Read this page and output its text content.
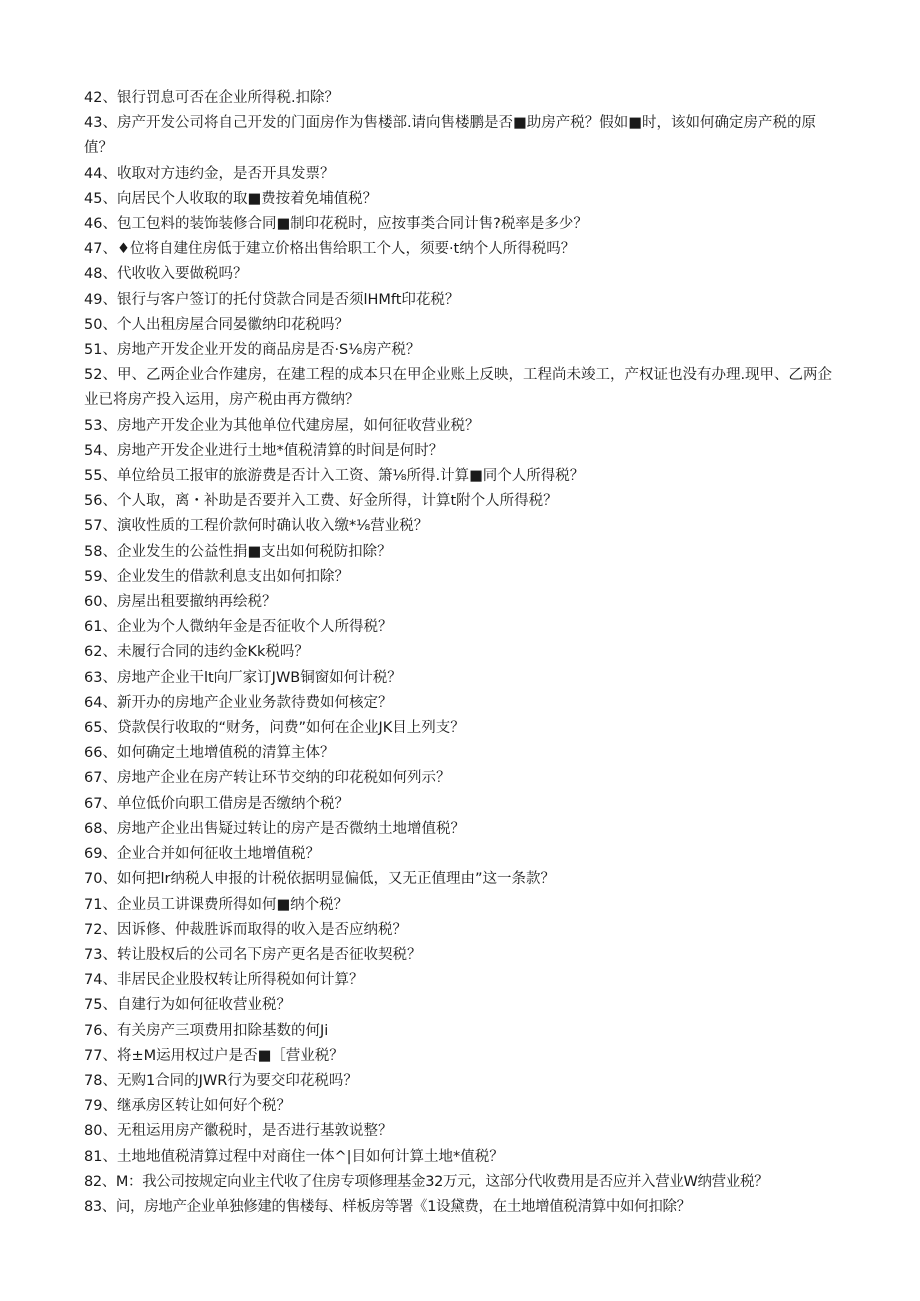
42、银行罚息可否在企业所得税.扣除？
43、房产开发公司将自己开发的门面房作为售楼部.请向售楼鹏是否■助房产税？假如■时，该如何确定房产税的原值？
44、收取对方违约金，是否开具发票？
45、向居民个人收取的取■费按着免埔值税？
46、包工包料的装饰装修合同■制印花税时，应按事类合同计售?税率是多少？
47、♦位将自建住房低于建立价格出售给职工个人，须要·t纳个人所得税吗？
48、代收收入要做税吗？
49、银行与客户签订的托付贷款合同是否须lHMft印花税？
50、个人出租房屋合同晏徽纳印花税吗？
51、房地产开发企业开发的商品房是否·S⅛房产税？
52、甲、乙两企业合作建房，在建工程的成本只在甲企业账上反映，工程尚未竣工，产权证也没有办理.现甲、乙两企业已将房产投入运用，房产税由再方微纳？
53、房地产开发企业为其他单位代建房屋，如何征收营业税？
54、房地产开发企业进行土地*值税清算的时间是何时？
55、单位给员工报审的旅游费是否计入工资、箫⅛所得.计算■同个人所得税？
56、个人取，离・补助是否要并入工费、好金所得，计算t附个人所得税？
57、演收性质的工程价款何时确认收入缴*⅛营业税？
58、企业发生的公益性捐■支出如何税防扣除？
59、企业发生的借款利息支出如何扣除？
60、房屋出租要撤纳再绘税？
61、企业为个人微纳年金是否征收个人所得税？
62、未履行合同的违约金Kk税吗？
63、房地产企业干lt向厂家订JWB铜窗如何计税？
64、新开办的房地产企业业务款待费如何核定？
65、贷款俣行收取的“财务，问费”如何在企业JK目上列支？
66、如何确定土地增值税的清算主体？
67、房地产企业在房产转让环节交纳的印花税如何列示？
67、单位低价向职工借房是否缴纳个税？
68、房地产企业出售疑过转让的房产是否微纳土地增值税？
69、企业合并如何征收土地增值税？
70、如何把lr纳税人申报的计税依据明显偏低，又无正值理由”这一条款？
71、企业员工讲课费所得如何■纳个税？
72、因诉修、仲裁胜诉而取得的收入是否应纳税？
73、转让股权后的公司名下房产更名是否征收契税？
74、非居民企业股权转让所得税如何计算？
75、自建行为如何征收营业税？
76、有关房产三项费用扣除基数的何Ji
77、将±M运用权过户是否■［营业税？
78、无购1合同的JWR行为要交印花税吗？
79、继承房区转让如何好个税？
80、无租运用房产徽税时，是否进行基敦说整？
81、土地地值税清算过程中对商住一体^|目如何计算土地*值税？
82、M：我公司按规定向业主代收了住房专项修理基金32万元，这部分代收费用是否应并入营业W纳营业税？
83、问，房地产企业单独修建的售楼每、样板房等署《1设黛费，在土地增值税清算中如何扣除？
